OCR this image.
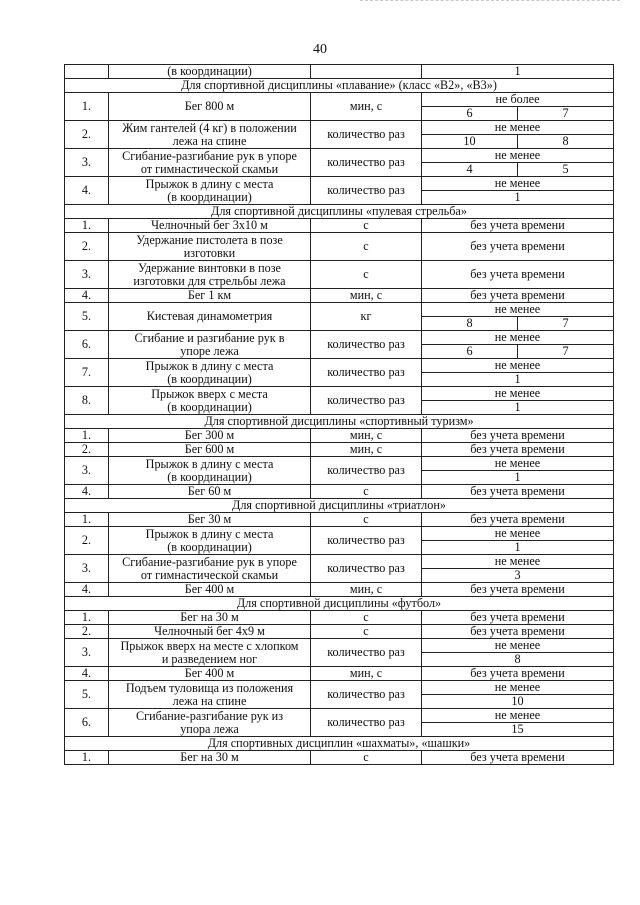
40
	(в координации)		1	
Для спортивной дисциплины «плавание» (класс «В2», «В3»)				
1.	Бег 800 м	мин, с	не более	
			6	7
2.	Жим гантелей (4 кг) в положении
лежа на спине	количество раз	не менее	
			10	8
3.	Сгибание-разгибание рук в упоре
от гимнастической скамьи	количество раз	не менее	
			4	5
4.	Прыжок в длину с места
(в координации)	количество раз	не менее	
			1	
Для спортивной дисциплины «пулевая стрельба»				
1.	Челночный бег 3х10 м	с	без учета времени	
2.	Удержание пистолета в позе
изготовки	с	без учета времени	
3.	Удержание винтовки в позе
изготовки для стрельбы лежа	с	без учета времени	
4.	Бег 1 км	мин, с	без учета времени	
5.	Кистевая динамометрия	кг	не менее	
			8	7
6.	Сгибание и разгибание рук в
упоре лежа	количество раз	не менее	
			6	7
7.	Прыжок в длину с места
(в координации)	количество раз	не менее	
			1	
8.	Прыжок вверх с места
(в координации)	количество раз	не менее	
			1	
Для спортивной дисциплины «спортивный туризм»				
1.	Бег 300 м	мин, с	без учета времени	
2.	Бег 600 м	мин, с	без учета времени	
3.	Прыжок в длину с места
(в координации)	количество раз	не менее	
			1	
4.	Бег 60 м	с	без учета времени	
Для спортивной дисциплины «триатлон»				
1.	Бег 30 м	с	без учета времени	
2.	Прыжок в длину с места
(в координации)	количество раз	не менее	
			1	
3.	Сгибание-разгибание рук в упоре
от гимнастической скамьи	количество раз	не менее	
			3	
4.	Бег 400 м	мин, с	без учета времени	
Для спортивной дисциплины «футбол»				
1.	Бег на 30 м	с	без учета времени	
2.	Челночный бег 4х9 м	с	без учета времени	
3.	Прыжок вверх на месте с хлопком
и разведением ног	количество раз	не менее	
			8	
4.	Бег 400 м	мин, с	без учета времени	
5.	Подъем туловища из положения
лежа на спине	количество раз	не менее	
			10	
6.	Сгибание-разгибание рук из
упора лежа	количество раз	не менее	
			15	
Для спортивных дисциплин «шахматы», «шашки»				
1.	Бег на 30 м	с	без учета времени	
